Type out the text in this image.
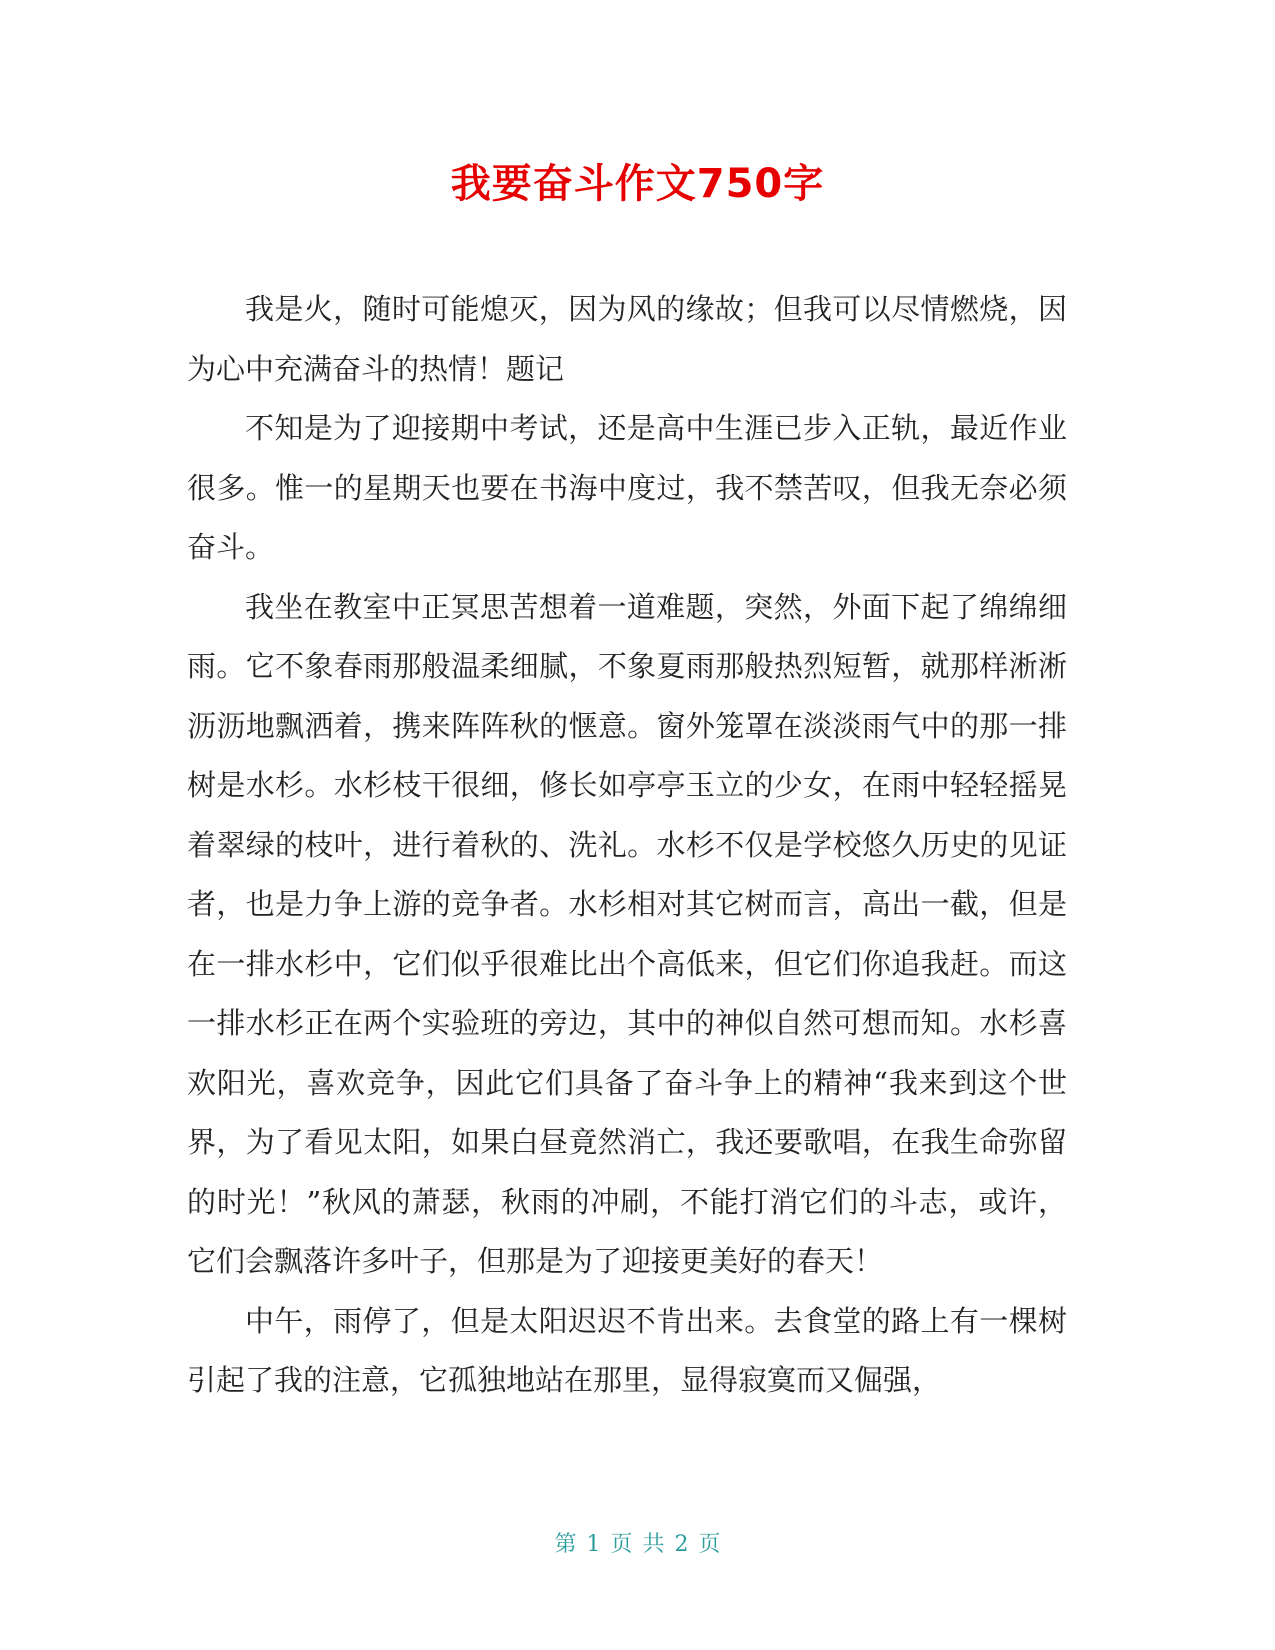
我要奋斗作文750字

我是火，随时可能熄灭，因为风的缘故；但我可以尽情燃烧，因为心中充满奋斗的热情！题记

不知是为了迎接期中考试，还是高中生涯已步入正轨，最近作业很多。惟一的星期天也要在书海中度过，我不禁苦叹，但我无奈必须奋斗。

我坐在教室中正冥思苦想着一道难题，突然，外面下起了绵绵细雨。它不象春雨那般温柔细腻，不象夏雨那般热烈短暂，就那样淅淅沥沥地飘洒着，携来阵阵秋的惬意。窗外笼罩在淡淡雨气中的那一排树是水杉。水杉枝干很细，修长如亭亭玉立的少女，在雨中轻轻摇晃着翠绿的枝叶，进行着秋的、洗礼。水杉不仅是学校悠久历史的见证者，也是力争上游的竞争者。水杉相对其它树而言，高出一截，但是在一排水杉中，它们似乎很难比出个高低来，但它们你追我赶。而这一排水杉正在两个实验班的旁边，其中的神似自然可想而知。水杉喜欢阳光，喜欢竞争，因此它们具备了奋斗争上的精神“我来到这个世界，为了看见太阳，如果白昼竟然消亡，我还要歌唱，在我生命弥留的时光！”秋风的萧瑟，秋雨的冲刷，不能打消它们的斗志，或许，它们会飘落许多叶子，但那是为了迎接更美好的春天！

中午，雨停了，但是太阳迟迟不肯出来。去食堂的路上有一棵树引起了我的注意，它孤独地站在那里，显得寂寞而又倔强，

第 1 页 共 2 页
